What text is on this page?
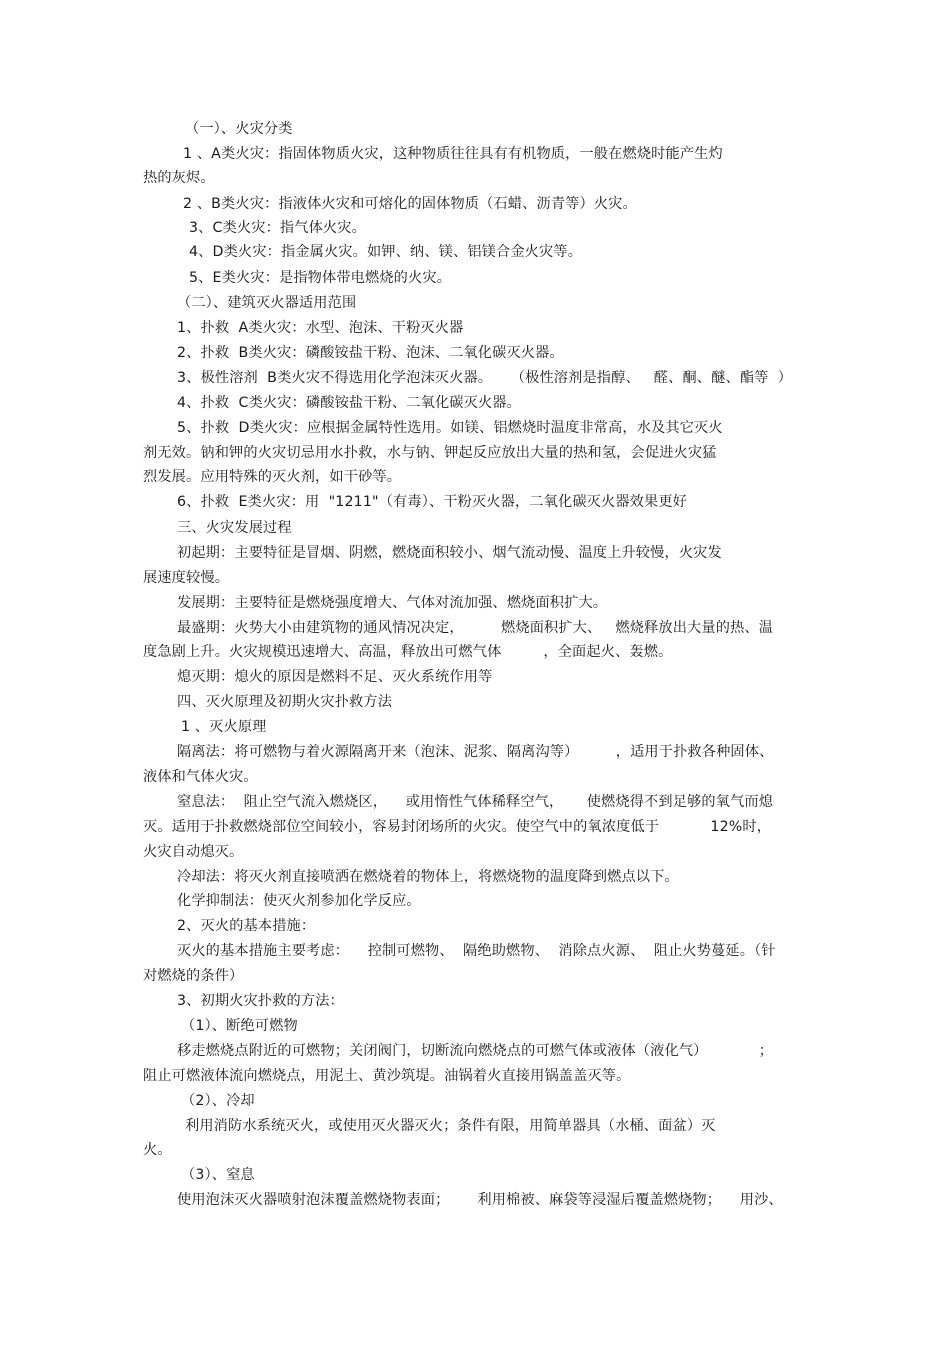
（一）、火灾分类
1 、A类火灾：指固体物质火灾，这种物质往往具有有机物质，一般在燃烧时能产生灼
热的灰烬。
2 、B类火灾：指液体火灾和可熔化的固体物质（石蜡、沥青等）火灾。
3、C类火灾：指气体火灾。
4、D类火灾：指金属火灾。如钾、纳、镁、铝镁合金火灾等。
5、E类火灾：是指物体带电燃烧的火灾。
（二）、建筑灭火器适用范围
1、扑救  A类火灾：水型、泡沫、干粉灭火器
2、扑救  B类火灾：磷酸铵盐干粉、泡沫、二氧化碳灭火器。
3、极性溶剂  B类火灾不得选用化学泡沫灭火器。    （极性溶剂是指醇、   醛、酮、醚、酯等  ）
4、扑救  C类火灾：磷酸铵盐干粉、二氧化碳灭火器。
5、扑救  D类火灾：应根据金属特性选用。如镁、铝燃烧时温度非常高，水及其它灭火
剂无效。钠和钾的火灾切忌用水扑救，水与钠、钾起反应放出大量的热和氢，会促进火灾猛
烈发展。应用特殊的灭火剂，如干砂等。
6、扑救  E类火灾：用  "1211"（有毒）、干粉灭火器，二氧化碳灭火器效果更好
三、火灾发展过程
初起期：主要特征是冒烟、阴燃，燃烧面积较小、烟气流动慢、温度上升较慢，火灾发
展速度较慢。
发展期：主要特征是燃烧强度增大、气体对流加强、燃烧面积扩大。
最盛期：火势大小由建筑物的通风情况决定，        燃烧面积扩大、   燃烧释放出大量的热、温
度急剧上升。火灾规模迅速增大、高温，释放出可燃气体         ，全面起火、轰燃。
熄灭期：熄火的原因是燃料不足、灭火系统作用等
四、灭火原理及初期火灾扑救方法
1 、灭火原理
隔离法：将可燃物与着火源隔离开来（泡沫、泥浆、隔离沟等）        ，适用于扑救各种固体、
液体和气体火灾。
窒息法：  阻止空气流入燃烧区，    或用惰性气体稀释空气，     使燃烧得不到足够的氧气而熄
灭。适用于扑救燃烧部位空间较小，容易封闭场所的火灾。使空气中的氧浓度低于           12%时，
火灾自动熄灭。
冷却法：将灭火剂直接喷洒在燃烧着的物体上，将燃烧物的温度降到燃点以下。
化学抑制法：使灭火剂参加化学反应。
2、灭火的基本措施：
灭火的基本措施主要考虑：    控制可燃物、  隔绝助燃物、  消除点火源、  阻止火势蔓延。（针
对燃烧的条件）
3、初期火灾扑救的方法：
（1）、断绝可燃物
移走燃烧点附近的可燃物；关闭阀门，切断流向燃烧点的可燃气体或液体（液化气）           ；
阻止可燃液体流向燃烧点，用泥土、黄沙筑堤。油锅着火直接用锅盖盖灭等。
（2）、冷却
利用消防水系统灭火，或使用灭火器灭火；条件有限，用简单器具（水桶、面盆）灭
火。
（3）、窒息
使用泡沫灭火器喷射泡沫覆盖燃烧物表面；      利用棉被、麻袋等浸湿后覆盖燃烧物；    用沙、
